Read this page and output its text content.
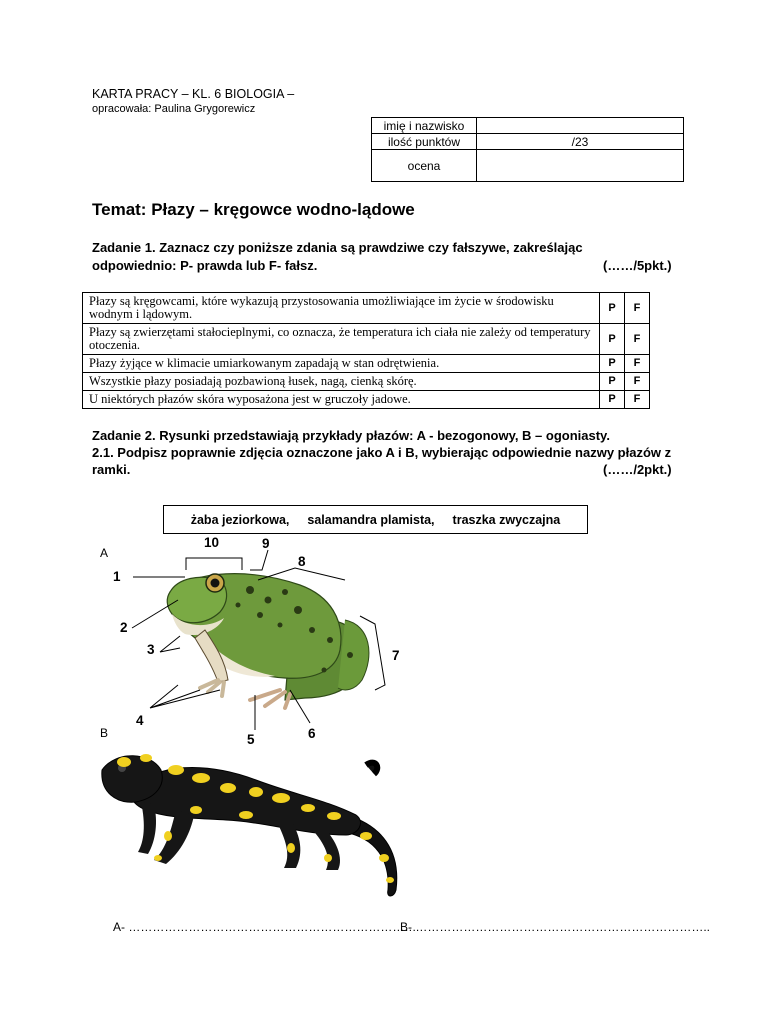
KARTA PRACY – KL. 6 BIOLOGIA –
opracowała: Paulina Grygorewicz
imię i nazwisko	
ilość punktów	/23
ocena	
Temat: Płazy – kręgowce wodno-lądowe
Zadanie 1. Zaznacz czy poniższe zdania są prawdziwe czy fałszywe, zakreślając
odpowiednio: P- prawda lub F- fałsz.	(……/5pkt.)
Płazy są kręgowcami, które wykazują przystosowania umożliwiające im życie w środowisku wodnym i lądowym.	P	F
Płazy są zwierzętami stałocieplnymi, co oznacza, że temperatura ich ciała nie zależy od temperatury otoczenia.	P	F
Płazy żyjące w klimacie umiarkowanym zapadają w stan odrętwienia.	P	F
Wszystkie płazy posiadają pozbawioną łusek, nagą, cienką skórę.	P	F
U niektórych płazów skóra wyposażona jest w gruczoły jadowe.	P	F
Zadanie 2. Rysunki przedstawiają przykłady płazów: A - bezogonowy, B – ogoniasty.
2.1. Podpisz poprawnie zdjęcia oznaczone jako A i B, wybierając odpowiednie nazwy płazów z
ramki.	(……/2pkt.)
żaba jeziorkowa, salamandra plamista, traszka zwyczajna
A
B
1
2
3
4
5	6
7
8
9
10
A- ………………………………………………………………
B- ………………………………………………………………..
